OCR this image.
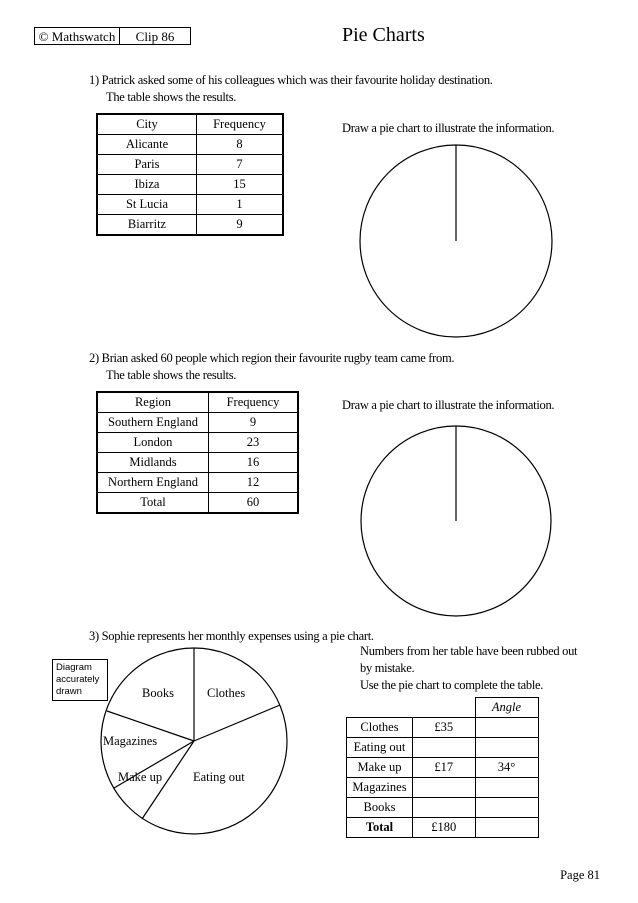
© Mathswatch	Clip 86	Pie Charts
1) Patrick asked some of his colleagues which was their favourite holiday destination.
The table shows the results.
City	Frequency
Alicante	8
Paris	7
Ibiza	15
St Lucia	1
Biarritz	9
Draw a pie chart to illustrate the information.
2) Brian asked 60 people which region their favourite rugby team came from.
The table shows the results.
Region	Frequency
Southern England	9
London	23
Midlands	16
Northern England	12
Total	60
Draw a pie chart to illustrate the information.
3) Sophie represents her monthly expenses using a pie chart.
Numbers from her table have been rubbed out
by mistake.
Use the pie chart to complete the table.
Diagram accurately drawn	Books	Clothes
Magazines
Make up Eating out
		Angle
Clothes	£35	
Eating out		
Make up	£17	34°
Magazines		
Books		
Total	£180	
Page 81
